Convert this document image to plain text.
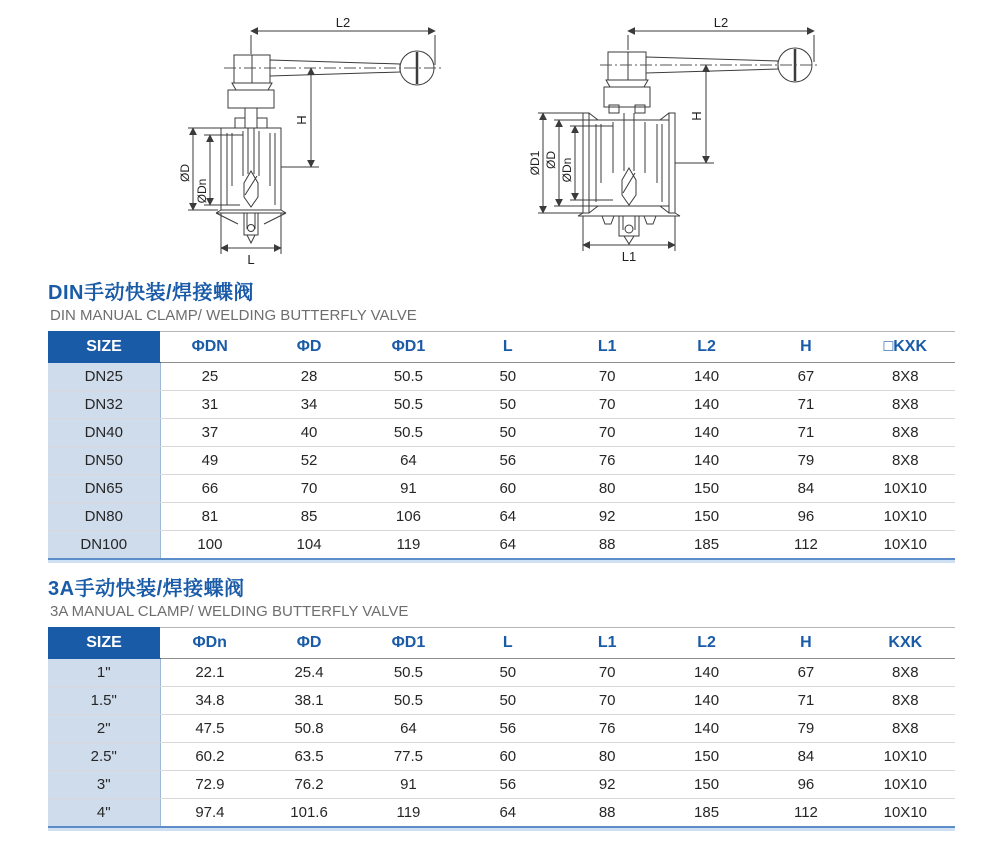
L2
H
ØD
ØDn
L
L2
H
ØD1 ØD ØDn
L1
DIN手动快装/焊接蝶阀
DIN MANUAL CLAMP/ WELDING BUTTERFLY VALVE
SIZE	ΦDN	ΦD	ΦD1	L	L1	L2	H	□KXK
DN25	25	28	50.5	50	70	140	67	8X8
DN32	31	34	50.5	50	70	140	71	8X8
DN40	37	40	50.5	50	70	140	71	8X8
DN50	49	52	64	56	76	140	79	8X8
DN65	66	70	91	60	80	150	84	10X10
DN80	81	85	106	64	92	150	96	10X10
DN100	100	104	119	64	88	185	112	10X10
3A手动快装/焊接蝶阀
3A MANUAL CLAMP/ WELDING BUTTERFLY VALVE
SIZE	ΦDn	ΦD	ΦD1	L	L1	L2	H	KXK
1"	22.1	25.4	50.5	50	70	140	67	8X8
1.5"	34.8	38.1	50.5	50	70	140	71	8X8
2"	47.5	50.8	64	56	76	140	79	8X8
2.5"	60.2	63.5	77.5	60	80	150	84	10X10
3"	72.9	76.2	91	56	92	150	96	10X10
4"	97.4	101.6	119	64	88	185	112	10X10
